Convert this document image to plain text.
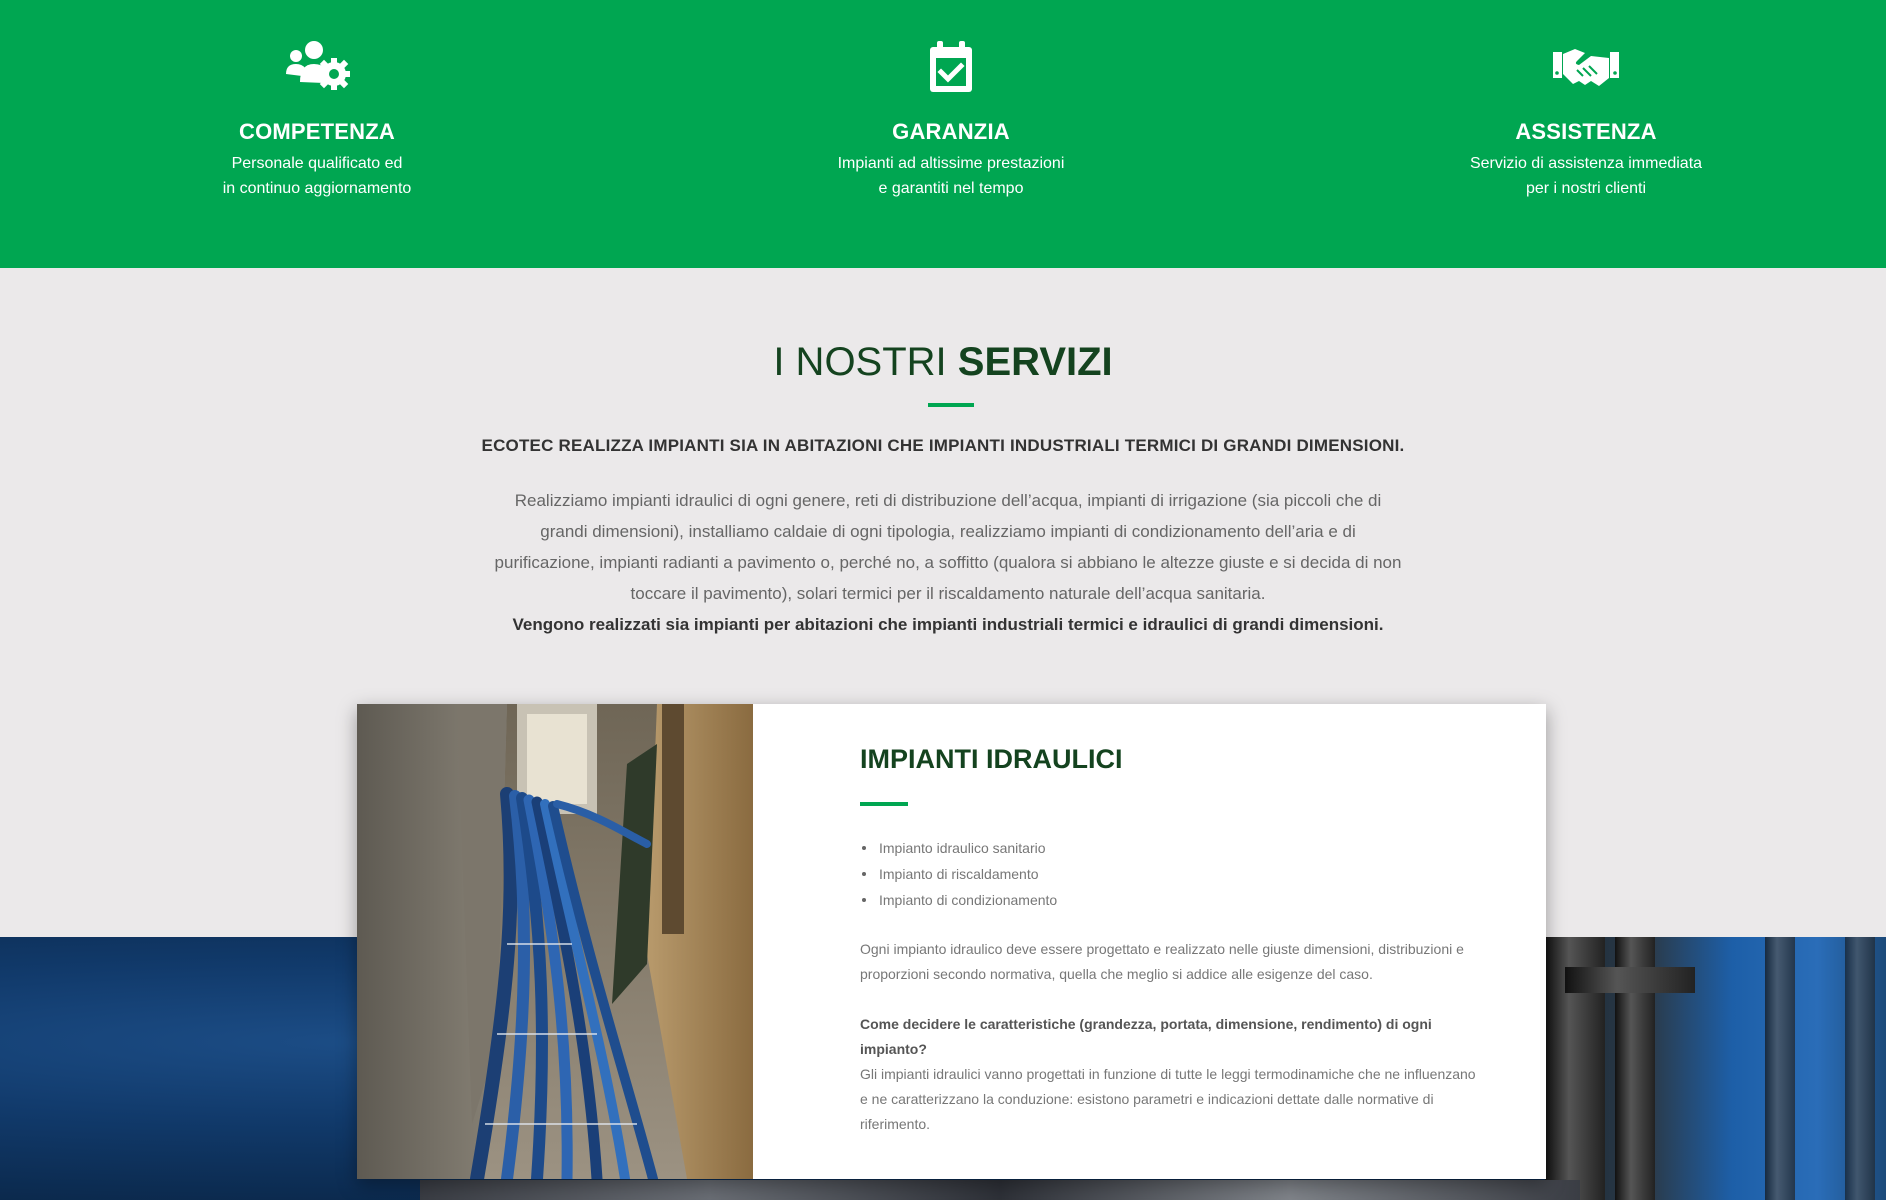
COMPETENZA

Personale qualificato ed
in continuo aggiornamento

GARANZIA

Impianti ad altissime prestazioni
e garantiti nel tempo

ASSISTENZA

Servizio di assistenza immediata
per i nostri clienti

I NOSTRI SERVIZI
ECOTEC REALIZZA IMPIANTI SIA IN ABITAZIONI CHE IMPIANTI INDUSTRIALI TERMICI DI GRANDI DIMENSIONI.
Realizziamo impianti idraulici di ogni genere, reti di distribuzione dell’acqua, impianti di irrigazione (sia piccoli che di grandi dimensioni), installiamo caldaie di ogni tipologia, realizziamo impianti di condizionamento dell’aria e di purificazione, impianti radianti a pavimento o, perché no, a soffitto (qualora si abbiano le altezze giuste e si decida di non toccare il pavimento), solari termici per il riscaldamento naturale dell’acqua sanitaria.
Vengono realizzati sia impianti per abitazioni che impianti industriali termici e idraulici di grandi dimensioni.
IMPIANTI IDRAULICI
Impianto idraulico sanitario
Impianto di riscaldamento
Impianto di condizionamento

Ogni impianto idraulico deve essere progettato e realizzato nelle giuste dimensioni, distribuzioni e proporzioni secondo normativa, quella che meglio si addice alle esigenze del caso.

Come decidere le caratteristiche (grandezza, portata, dimensione, rendimento) di ogni impianto?

Gli impianti idraulici vanno progettati in funzione di tutte le leggi termodinamiche che ne influenzano e ne caratterizzano la conduzione: esistono parametri e indicazioni dettate dalle normative di riferimento.
